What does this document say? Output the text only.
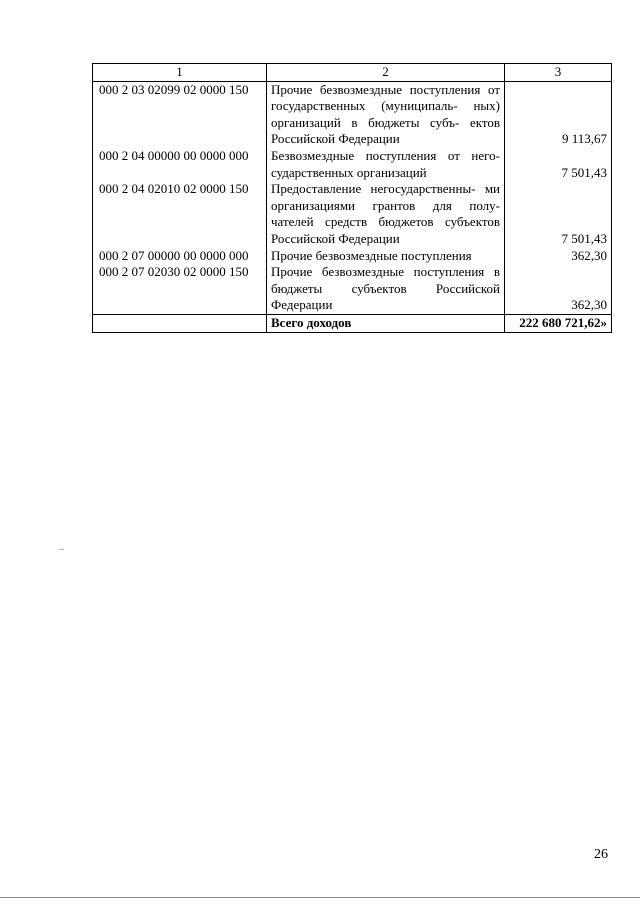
1	2	3
000 2 03 02099 02 0000 150	Прочие безвозмездные поступления от государственных (муниципаль- ных) организаций в бюджеты субъ- ектов Российской Федерации	9 113,67
000 2 04 00000 00 0000 000	Безвозмездные поступления от него- сударственных организаций	7 501,43
000 2 04 02010 02 0000 150	Предоставление негосударственны- ми организациями грантов для полу- чателей средств бюджетов субъектов Российской Федерации	7 501,43
000 2 07 00000 00 0000 000	Прочие безвозмездные поступления	362,30
000 2 07 02030 02 0000 150	Прочие безвозмездные поступления в бюджеты субъектов Российской Федерации	362,30
	Всего доходов	222 680 721,62»
26
